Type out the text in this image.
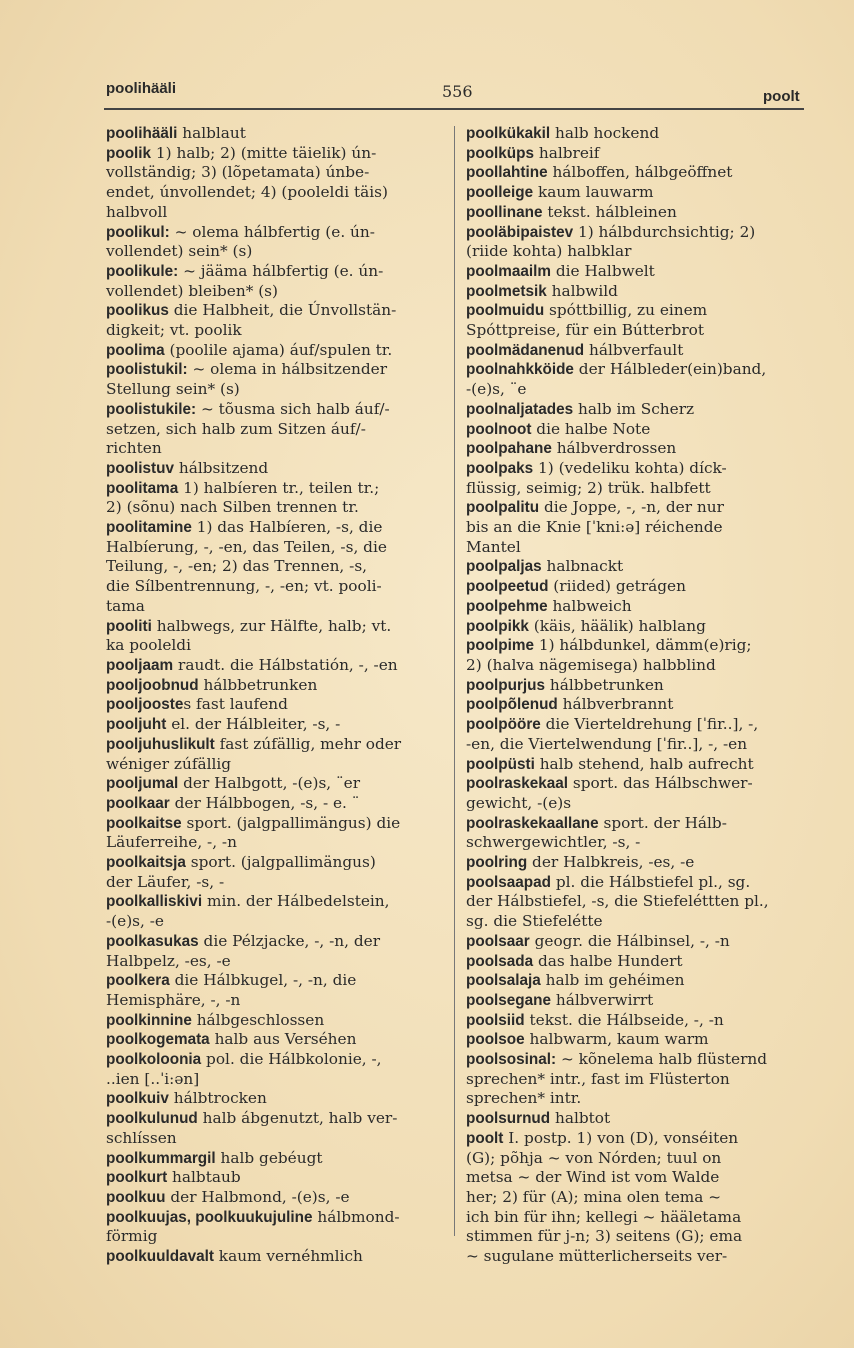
poolihääli	556	poolt
poolihääli halblaut
poolik 1) halb; 2) (mitte täielik) ún-
vollständig; 3) (lõpetamata) únbe-
endet, únvollendet; 4) (pooleldi täis)
halbvoll
poolikul: ~ olema hálbfertig (e. ún-
vollendet) sein* (s)
poolikule: ~ jääma hálbfertig (e. ún-
vollendet) bleiben* (s)
poolikus die Halbheit, die Únvollstän-
digkeit; vt. poolik
poolima (poolile ajama) áuf/spulen tr.
poolistukil: ~ olema in hálbsitzender
Stellung sein* (s)
poolistukile: ~ tõusma sich halb áuf/-
setzen, sich halb zum Sitzen áuf/-
richten
poolistuv hálbsitzend
poolitama 1) halbíeren tr., teilen tr.;
2) (sõnu) nach Silben trennen tr.
poolitamine 1) das Halbíeren, -s, die
Halbíerung, -, -en, das Teilen, -s, die
Teilung, -, -en; 2) das Trennen, -s,
die Sílbentrennung, -, -en; vt. pooli-
tama
pooliti halbwegs, zur Hälfte, halb; vt.
ka pooleldi
pooljaam raudt. die Hálbstatión, -, -en
pooljoobnud hálbbetrunken
pooljoostes fast laufend
pooljuht el. der Hálbleiter, -s, -
pooljuhuslikult fast zúfällig, mehr oder
wéniger zúfällig
pooljumal der Halbgott, -(e)s, ¨er
poolkaar der Hálbbogen, -s, - e. ¨
poolkaitse sport. (jalgpallimängus) die
Läuferreihe, -, -n
poolkaitsja sport. (jalgpallimängus)
der Läufer, -s, -
poolkalliskivi min. der Hálbedelstein,
-(e)s, -e
poolkasukas die Pélzjacke, -, -n, der
Halbpelz, -es, -e
poolkera die Hálbkugel, -, -n, die
Hemisphäre, -, -n
poolkinnine hálbgeschlossen
poolkogemata halb aus Verséhen
poolkoloonia pol. die Hálbkolonie, -,
..ien [..ˈi:ən]
poolkuiv hálbtrocken
poolkulunud halb ábgenutzt, halb ver-
schlíssen
poolkummargil halb gebéugt
poolkurt halbtaub
poolkuu der Halbmond, -(e)s, -e
poolkuujas, poolkuukujuline hálbmond-
förmig
poolkuuldavalt kaum vernéhmlich
poolkükakil halb hockend
poolküps halbreif
poollahtine hálboffen, hálbgeöffnet
poolleige kaum lauwarm
poollinane tekst. hálbleinen
pooläbipaistev 1) hálbdurchsichtig; 2)
(riide kohta) halbklar
poolmaailm die Halbwelt
poolmetsik halbwild
poolmuidu spóttbillig, zu einem
Spóttpreise, für ein Bútterbrot
poolmädanenud hálbverfault
poolnahkköide der Hálbleder(ein)band,
-(e)s, ¨e
poolnaljatades halb im Scherz
poolnoot die halbe Note
poolpahane hálbverdrossen
poolpaks 1) (vedeliku kohta) díck-
flüssig, seimig; 2) trük. halbfett
poolpalitu die Joppe, -, -n, der nur
bis an die Knie [ˈkni:ə] réichende
Mantel
poolpaljas halbnackt
poolpeetud (riided) getrágen
poolpehme halbweich
poolpikk (käis, häälik) halblang
poolpime 1) hálbdunkel, dämm(e)rig;
2) (halva nägemisega) halbblind
poolpurjus hálbbetrunken
poolpõlenud hálbverbrannt
poolpööre die Vierteldrehung [ˈfir..], -,
-en, die Viertelwendung [ˈfir..], -, -en
poolpüsti halb stehend, halb aufrecht
poolraskekaal sport. das Hálbschwer-
gewicht, -(e)s
poolraskekaallane sport. der Hálb-
schwergewichtler, -s, -
poolring der Halbkreis, -es, -e
poolsaapad pl. die Hálbstiefel pl., sg.
der Hálbstiefel, -s, die Stiefeléttten pl.,
sg. die Stiefelétte
poolsaar geogr. die Hálbinsel, -, -n
poolsada das halbe Hundert
poolsalaja halb im gehéimen
poolsegane hálbverwirrt
poolsiid tekst. die Hálbseide, -, -n
poolsoe halbwarm, kaum warm
poolsosinal: ~ kõnelema halb flüsternd
sprechen* intr., fast im Flüsterton
sprechen* intr.
poolsurnud halbtot
poolt I. postp. 1) von (D), vonséiten
(G); põhja ~ von Nórden; tuul on
metsa ~ der Wind ist vom Walde
her; 2) für (A); mina olen tema ~
ich bin für ihn; kellegi ~ hääletama
stimmen für j-n; 3) seitens (G); ema
~ sugulane mütterlicherseits ver-
